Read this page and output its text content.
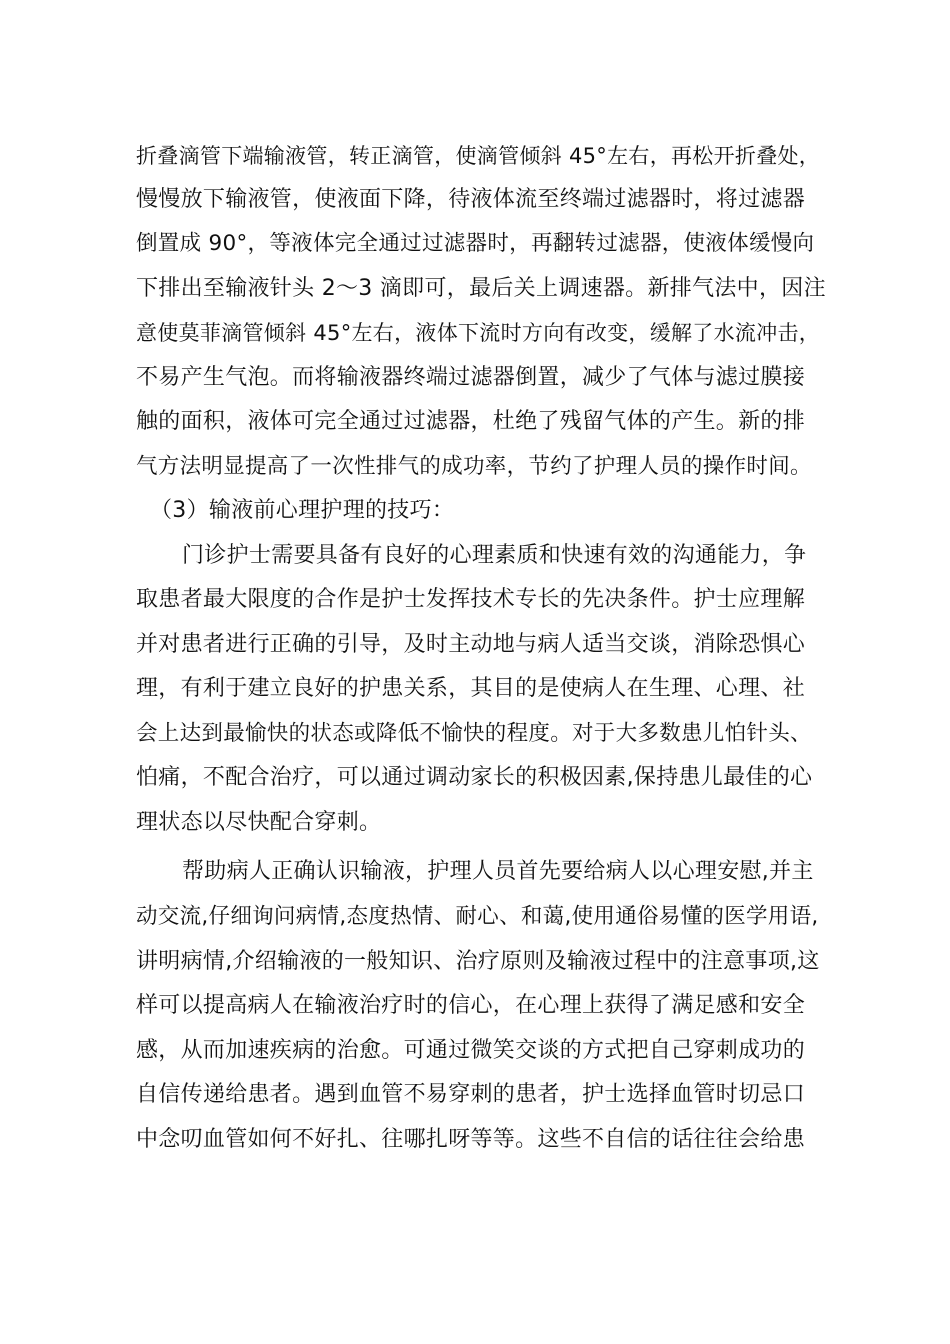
折叠滴管下端输液管，转正滴管，使滴管倾斜 45°左右，再松开折叠处，
慢慢放下输液管，使液面下降，待液体流至终端过滤器时，将过滤器
倒置成 90°，等液体完全通过过滤器时，再翻转过滤器，使液体缓慢向
下排出至输液针头 2～3 滴即可，最后关上调速器。新排气法中，因注
意使莫菲滴管倾斜 45°左右，液体下流时方向有改变，缓解了水流冲击，
不易产生气泡。而将输液器终端过滤器倒置，减少了气体与滤过膜接
触的面积，液体可完全通过过滤器，杜绝了残留气体的产生。新的排
气方法明显提高了一次性排气的成功率，节约了护理人员的操作时间。
（3）输液前心理护理的技巧：
门诊护士需要具备有良好的心理素质和快速有效的沟通能力，争
取患者最大限度的合作是护士发挥技术专长的先决条件。护士应理解
并对患者进行正确的引导，及时主动地与病人适当交谈，消除恐惧心
理，有利于建立良好的护患关系，其目的是使病人在生理、心理、社
会上达到最愉快的状态或降低不愉快的程度。对于大多数患儿怕针头、
怕痛，不配合治疗，可以通过调动家长的积极因素,保持患儿最佳的心
理状态以尽快配合穿刺。
帮助病人正确认识输液，护理人员首先要给病人以心理安慰,并主
动交流,仔细询问病情,态度热情、耐心、和蔼,使用通俗易懂的医学用语,
讲明病情,介绍输液的一般知识、治疗原则及输液过程中的注意事项,这
样可以提高病人在输液治疗时的信心，在心理上获得了满足感和安全
感，从而加速疾病的治愈。可通过微笑交谈的方式把自己穿刺成功的
自信传递给患者。遇到血管不易穿刺的患者，护士选择血管时切忌口
中念叨血管如何不好扎、往哪扎呀等等。这些不自信的话往往会给患
